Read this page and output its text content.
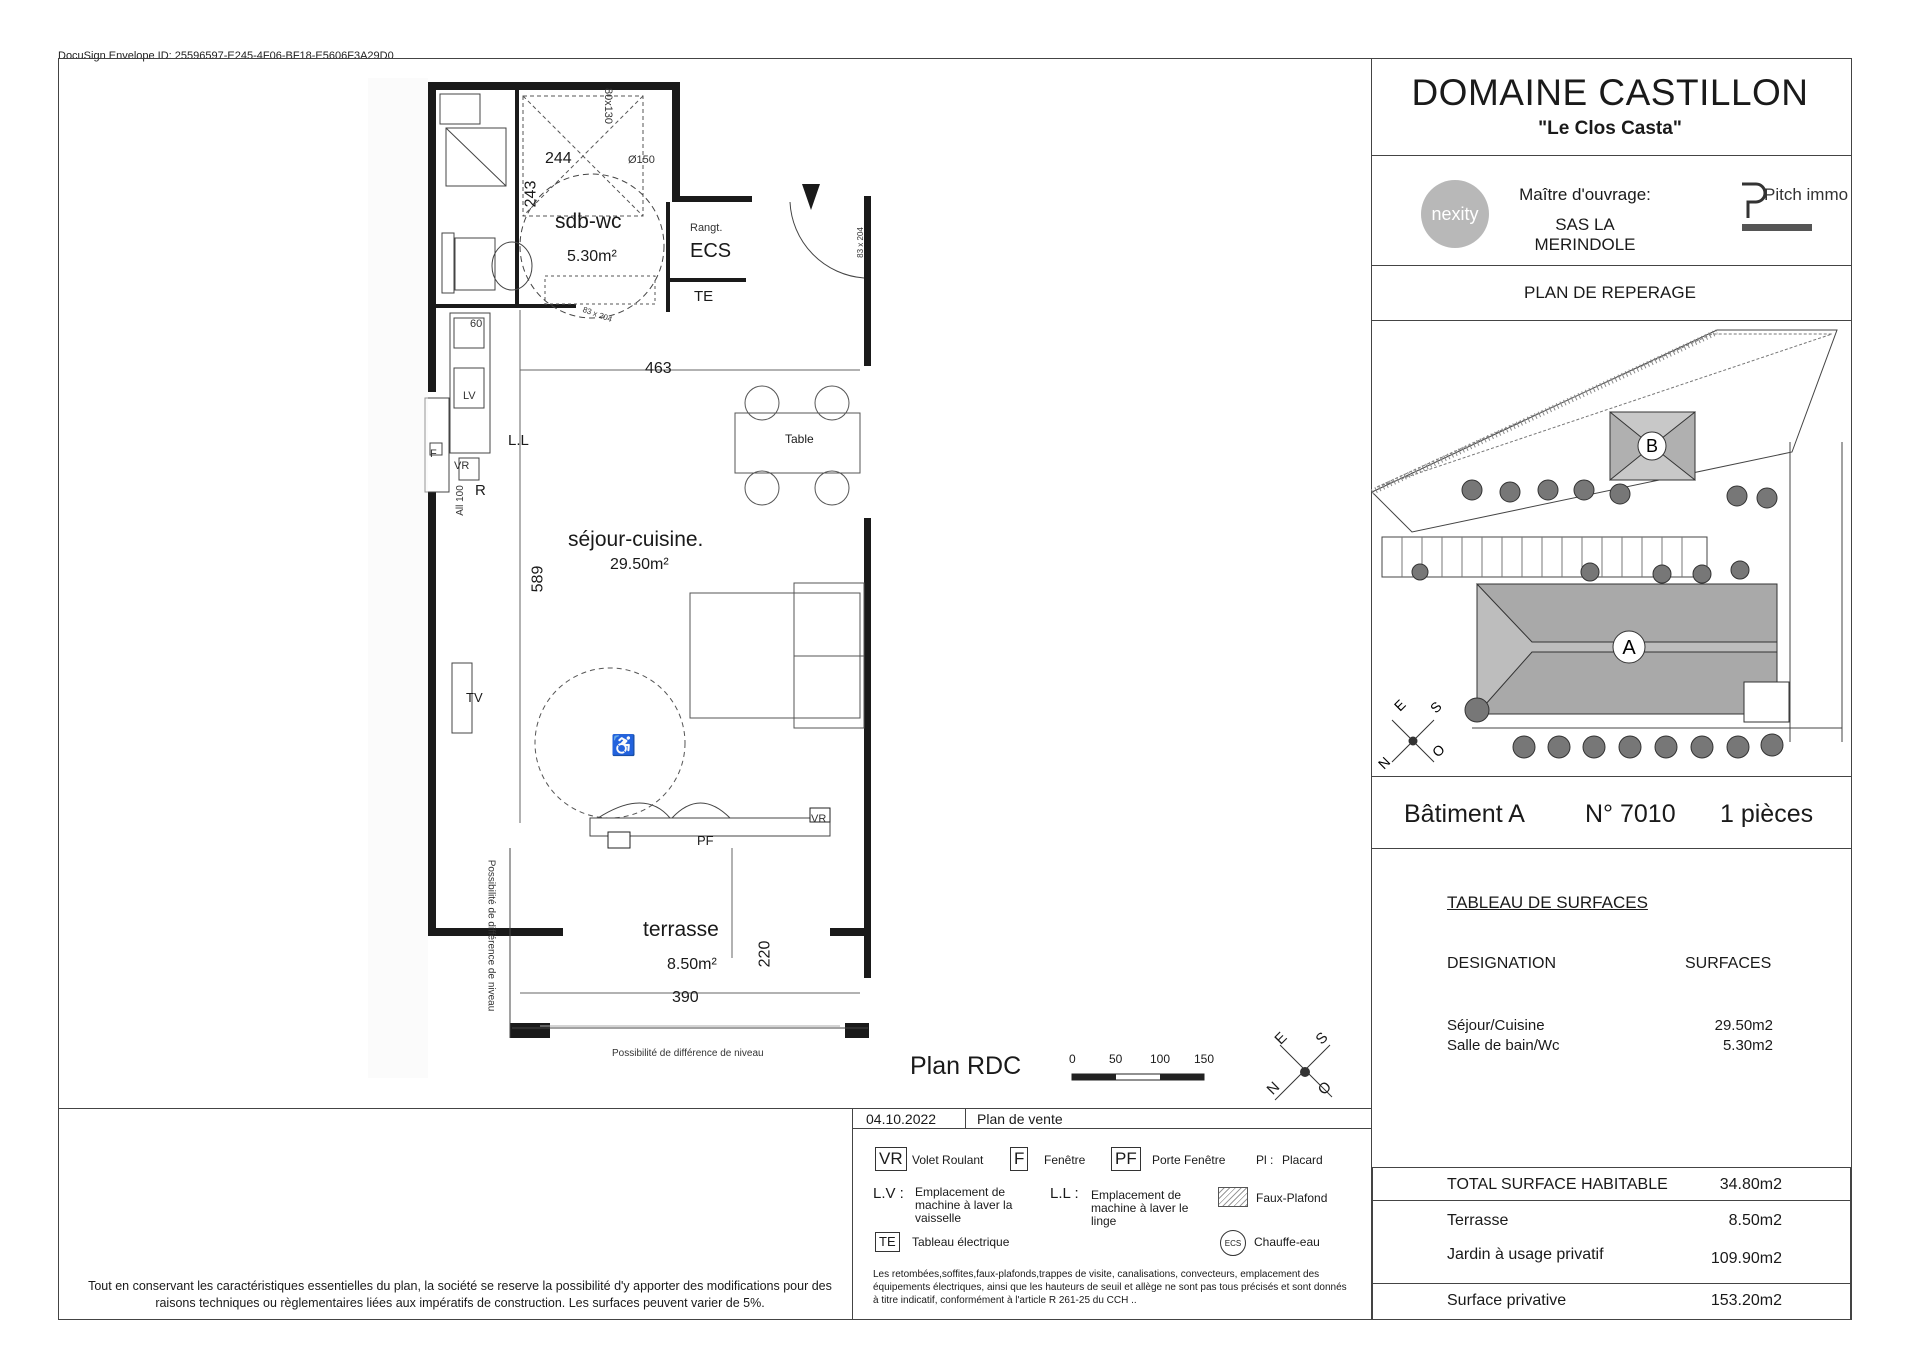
DocuSign Envelope ID: 25596597-E245-4F06-BF18-E5606F3A29D0
DOMAINE CASTILLON
"Le Clos Casta"
nexity
Maître d'ouvrage:
SAS LA MERINDOLE
Pitch immo
PLAN DE REPERAGE
B
A
E S
N
O
Bâtiment A N° 7010 1 pièces
TABLEAU DE SURFACES
DESIGNATION	SURFACES
Séjour/Cuisine	29.50m2
Salle de bain/Wc	5.30m2
TOTAL SURFACE HABITABLE	34.80m2
Terrasse	8.50m2
Jardin à usage privatif	109.90m2
Surface privative	153.20m2
sdb-wc
5.30m²
244
243
Ø150
80x130
Rangt.
ECS
TE
83 x 204
83 x 204
60
LV
463
Table
L.L
R
F
VR
All 100
séjour-cuisine.
29.50m²
589
TV
♿
VR
PF
terrasse
8.50m² 220
390
Possibilité de différence de niveau
Possibilité de différence de niveau
Plan RDC	0	50 100 150
E S
N O
04.10.2022	Plan de vente
VR Volet Roulant F	Fenêtre PF	Porte Fenêtre	Pl : Placard
L.V : Emplacement de machine à laver la vaisselle
L.L : Emplacement de machine à laver le linge
Faux-Plafond
TE	Tableau électrique	ECS	Chauffe-eau
Les retombées,soffites,faux-plafonds,trappes de visite, canalisations, convecteurs, emplacement des équipements électriques, ainsi que les hauteurs de seuil et allège ne sont pas tous précisés et sont donnés à titre indicatif, conformément à l'article R 261-25 du CCH ..
Tout en conservant les caractéristiques essentielles du plan, la société se reserve la possibilité d'y apporter des modifications pour des raisons techniques ou règlementaires liées aux impératifs de construction. Les surfaces peuvent varier de 5%.
